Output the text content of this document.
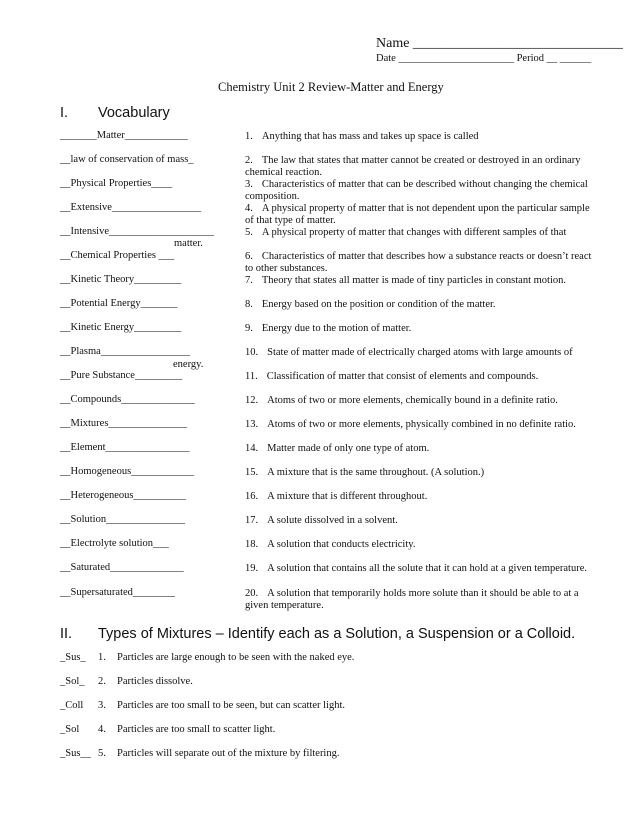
Name ______________________________
Date ______________________ Period __ ______
Chemistry Unit 2 Review-Matter and Energy
I. Vocabulary
_______Matter____________	1. Anything that has mass and takes up space is called
__law of conservation of mass_	2. The law that states that matter cannot be created or destroyed in an ordinary chemical reaction.
__Physical Properties____	3. Characteristics of matter that can be described without changing the chemical composition.
__Extensive_________________	4. A physical property of matter that is not dependent upon the particular sample of that type of matter.
__Intensive____________________	5. A physical property of matter that changes with different samples of that
__Chemical Properties ___	6. Characteristics of matter that describes how a substance reacts or doesn’t react to other substances.
__Kinetic Theory_________	7. Theory that states all matter is made of tiny particles in constant motion.
__Potential Energy_______	8. Energy based on the position or condition of the matter.
__Kinetic Energy_________	9. Energy due to the motion of matter.
__Plasma_________________	10. State of matter made of electrically charged atoms with large amounts of
__Pure Substance_________	11. Classification of matter that consist of elements and compounds.
__Compounds______________	12. Atoms of two or more elements, chemically bound in a definite ratio.
__Mixtures_______________	13. Atoms of two or more elements, physically combined in no definite ratio.
__Element________________	14. Matter made of only one type of atom.
__Homogeneous____________	15. A mixture that is the same throughout. (A solution.)
__Heterogeneous__________	16. A mixture that is different throughout.
__Solution_______________	17. A solute dissolved in a solvent.
__Electrolyte solution___	18. A solution that conducts electricity.
__Saturated______________	19. A solution that contains all the solute that it can hold at a given temperature.
__Supersaturated________	20. A solution that temporarily holds more solute than it should be able to at a given temperature.
matter.
energy.
II. Types of Mixtures – Identify each as a Solution, a Suspension or a Colloid.
_Sus_ 1. Particles are large enough to be seen with the naked eye.
_Sol_ 2. Particles dissolve.
_Coll 3. Particles are too small to be seen, but can scatter light.
_Sol 4. Particles are too small to scatter light.
_Sus__ 5. Particles will separate out of the mixture by filtering.
